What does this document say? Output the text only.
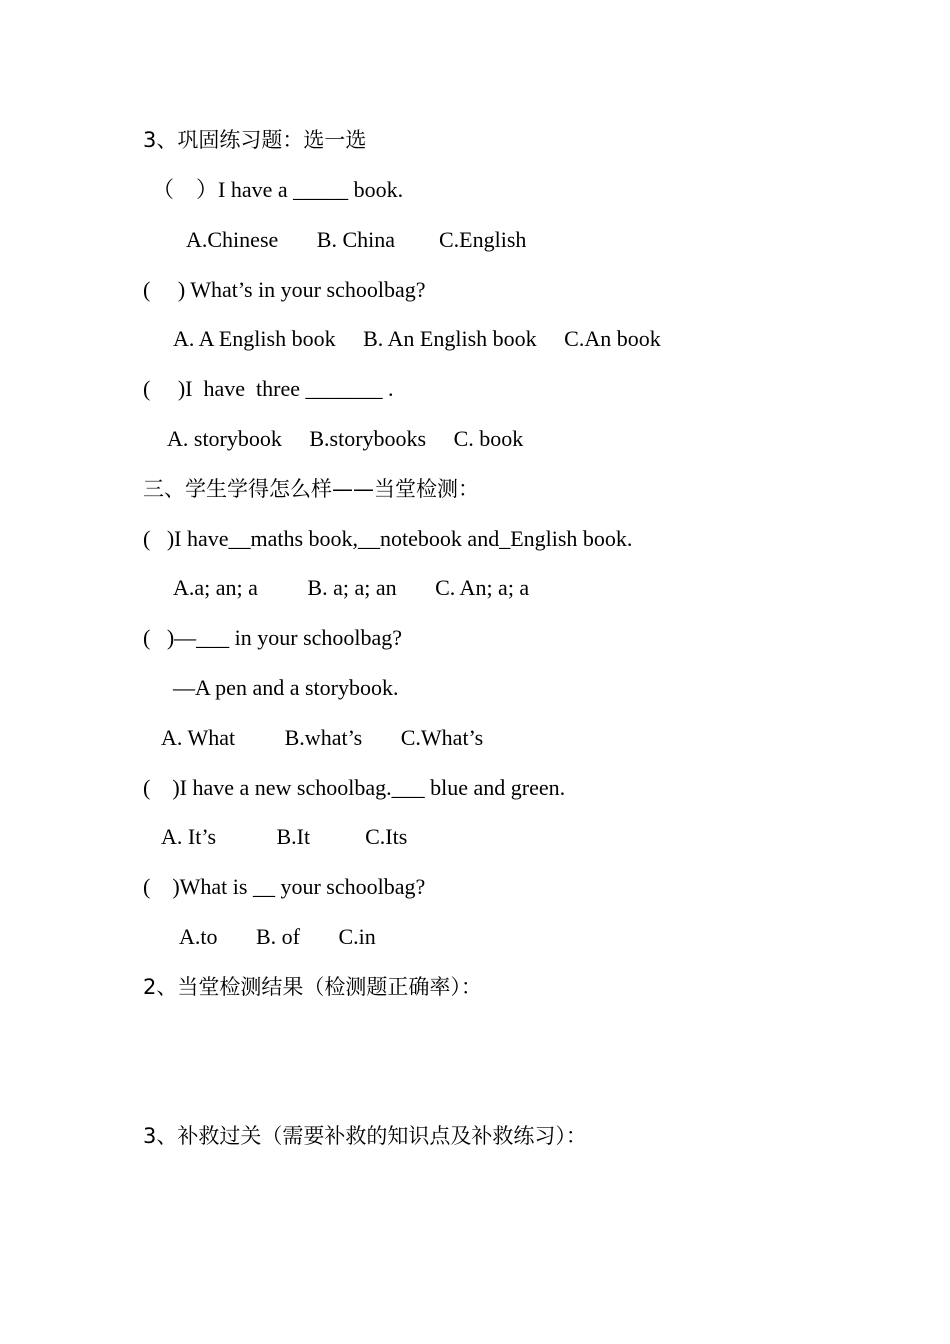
3、巩固练习题：选一选
（    ）I have a _____ book.
A.Chinese       B. China        C.English
(     ) What’s in your schoolbag?
A. A English book     B. An English book     C.An book
(     )I  have  three _______ .
A. storybook     B.storybooks     C. book
三、学生学得怎么样——当堂检测：
(   )I have__maths book,__notebook and_English book.
A.a; an; a         B. a; a; an       C. An; a; a
(   )—___ in your schoolbag?
—A pen and a storybook.
A. What         B.what’s       C.What’s
(    )I have a new schoolbag.___ blue and green.
A. It’s           B.It          C.Its
(    )What is __ your schoolbag?
A.to       B. of       C.in
2、当堂检测结果（检测题正确率）：
3、补救过关（需要补救的知识点及补救练习）：
